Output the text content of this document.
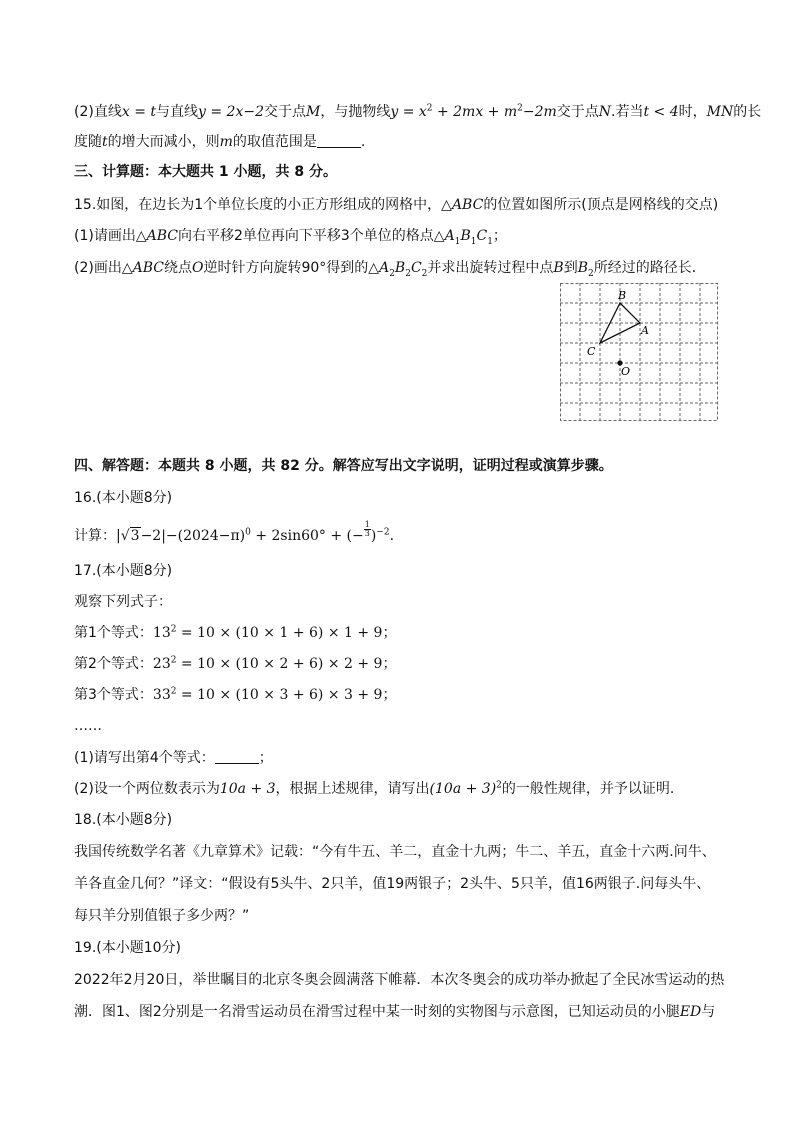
(2)直线x = t与直线y = 2x−2交于点M，与抛物线$y = x^2 + 2mx + m^2-2m$交于点N.若当t < 4时，MN的长
度随t的增大而减小，则m的取值范围是	.
三、计算题：本大题共 1 小题，共 8 分。
15.如图，在边长为1个单位长度的小正方形组成的网格中，△ABC的位置如图所示(顶点是网格线的交点)
(1)请画出△ABC向右平移2单位再向下平移3个单位的格点$\triangle A_1B_1C_1$；
(2)画出△ABC绕点O逆时针方向旋转90°得到的$\triangle A_2B_2C_2$并求出旋转过程中点B到$B_2$所经过的路径长．
B
A
C
O
四、解答题：本题共 8 小题，共 82 分。解答应写出文字说明，证明过程或演算步骤。
16.(本小题8分)
计算：$|√3-2|-(2024-\pi)^0 + 2\sin 60^\circ$ + (− $\frac{1}{3} )^{-2}$.
17.(本小题8分)
观察下列式子：
第1个等式：$13^2 = 10 \times (10 \times 1 + 6) \times 1 + 9$；
第2个等式：$23^2 = 10 \times (10 \times 2 + 6) \times 2 + 9$；
第3个等式：$33^2 = 10 \times (10 \times 3 + 6) \times 3 + 9$；
……
(1)请写出第4个等式：	；
(2)设一个两位数表示为10a + 3，根据上述规律，请写出$(10a + 3)^2$的一般性规律，并予以证明.
18.(本小题8分)
我国传统数学名著《九章算术》记载：“今有牛五、羊二，直金十九两；牛二、羊五，直金十六两.问牛、
羊各直金几何？”译文：“假设有5头牛、2只羊，值19两银子；2头牛、5只羊，值16两银子.问每头牛、
每只羊分别值银子多少两？”
19.(本小题10分)
2022年2月20日，举世瞩目的北京冬奥会圆满落下帷幕．本次冬奥会的成功举办掀起了全民冰雪运动的热
潮．图1、图2分别是一名滑雪运动员在滑雪过程中某一时刻的实物图与示意图，已知运动员的小腿ED与
